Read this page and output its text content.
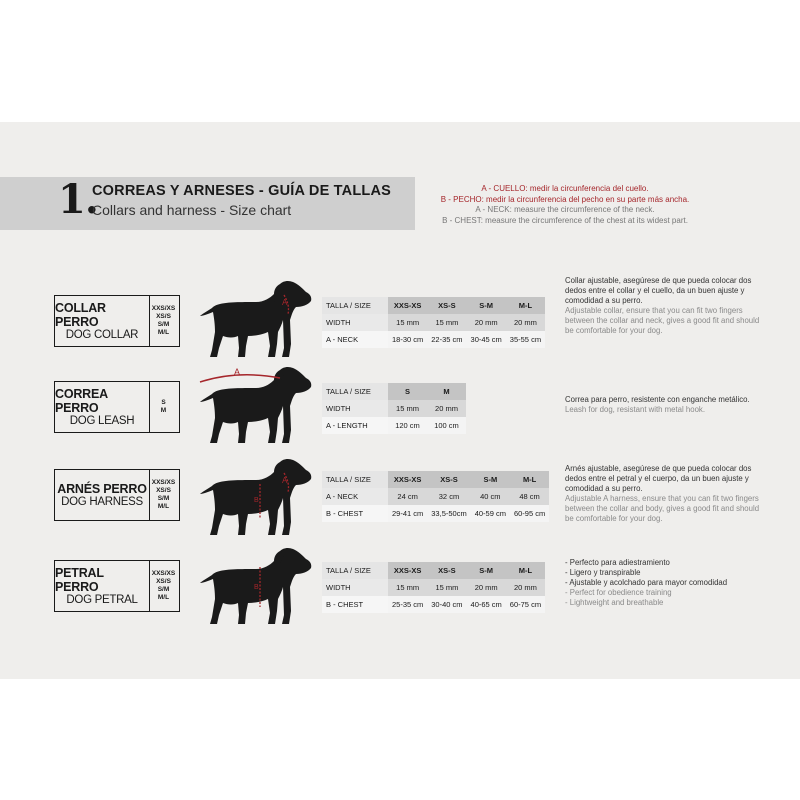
1.
CORREAS Y ARNESES - GUÍA DE TALLAS
Collars and harness - Size chart
A - CUELLO: medir la circunferencia del cuello.
B - PECHO: medir la circunferencia del pecho en su parte más ancha.
A - NECK: measure the circumference of the neck.
B - CHEST: measure the circumference of the chest at its widest part.
COLLAR PERRO
DOG COLLAR
XXS/XS
XS/S
S/M
M/L
A	TALLA / SIZE	XXS-XS	XS-S	S-M	M-L
WIDTH	15 mm	15 mm	20 mm	20 mm
A - NECK	18-30 cm	22-35 cm	30-45 cm	35-55 cm
Collar ajustable, asegúrese de que pueda colocar dos dedos entre el collar y el cuello, da un buen ajuste y comodidad a su perro.
Adjustable collar, ensure that you can fit two fingers between the collar and neck, gives a good fit and should be comfortable for your dog.
CORREA PERRO
DOG LEASH
S
M
A
TALLA / SIZE	S	M
WIDTH	15 mm	20 mm
A - LENGTH	120 cm	100 cm
Correa para perro, resistente con enganche metálico.
Leash for dog, resistant with metal hook.
ARNÉS PERRO
DOG HARNESS
XXS/XS
XS/S
S/M
M/L
A
B
TALLA / SIZE	XXS-XS	XS-S	S-M	M-L
A - NECK	24 cm	32 cm	40 cm	48 cm
B - CHEST	29-41 cm	33,5-50cm	40-59 cm	60-95 cm
Arnés ajustable, asegúrese de que pueda colocar dos dedos entre el petral y el cuerpo, da un buen ajuste y comodidad a su perro.
Adjustable A harness, ensure that you can fit two fingers between the collar and body, gives a good fit and should be comfortable for your dog.
PETRAL PERRO
DOG PETRAL
XXS/XS
XS/S
S/M
M/L
B
TALLA / SIZE	XXS-XS	XS-S	S-M	M-L
WIDTH	15 mm	15 mm	20 mm	20 mm
B - CHEST	25-35 cm	30-40 cm	40-65 cm	60-75 cm
- Perfecto para adiestramiento
- Ligero y transpirable
- Ajustable y acolchado para mayor comodidad
- Perfect for obedience training
- Lightweight and breathable
